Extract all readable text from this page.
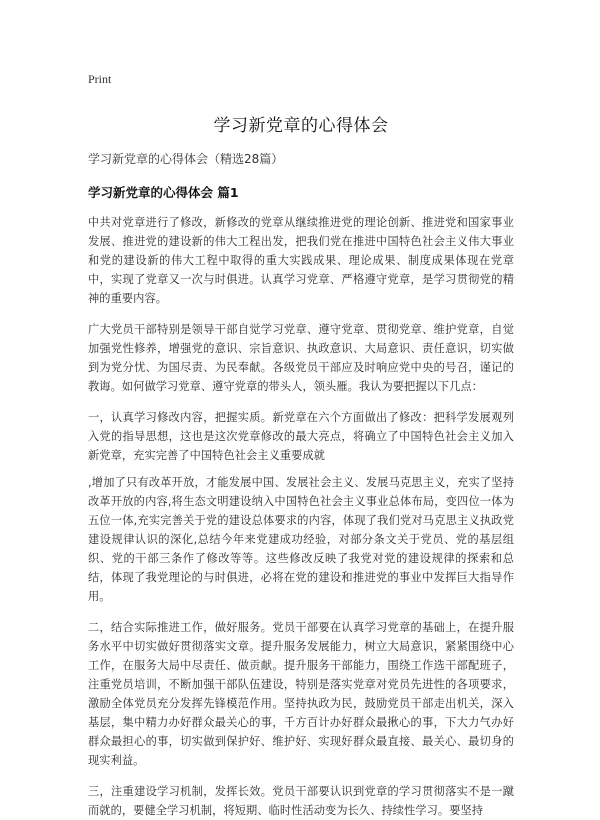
Print
学习新党章的心得体会
学习新党章的心得体会（精选28篇）
学习新党章的心得体会 篇1

中共对党章进行了修改，新修改的党章从继续推进党的理论创新、推进党和国家事业发展、推进党的建设新的伟大工程出发，把我们党在推进中国特色社会主义伟大事业和党的建设新的伟大工程中取得的重大实践成果、理论成果、制度成果体现在党章中，实现了党章又一次与时俱进。认真学习党章、严格遵守党章，是学习贯彻党的精神的重要内容。

广大党员干部特别是领导干部自觉学习党章、遵守党章、贯彻党章、维护党章，自觉加强党性修养，增强党的意识、宗旨意识、执政意识、大局意识、责任意识，切实做到为党分忧、为国尽责、为民奉献。各级党员干部应及时响应党中央的号召，谨记的教诲。如何做学习党章、遵守党章的带头人，领头雁。我认为要把握以下几点：

一，认真学习修改内容，把握实质。新党章在六个方面做出了修改：把科学发展观列入党的指导思想，这也是这次党章修改的最大亮点，将确立了中国特色社会主义加入新党章，充实完善了中国特色社会主义重要成就

,增加了只有改革开放，才能发展中国、发展社会主义、发展马克思主义，充实了坚持改革开放的内容,将生态文明建设纳入中国特色社会主义事业总体布局，变四位一体为五位一体,充实完善关于党的建设总体要求的内容，体现了我们党对马克思主义执政党建设规律认识的深化,总结今年来党建成功经验，对部分条文关于党员、党的基层组织、党的干部三条作了修改等等。这些修改反映了我党对党的建设规律的探索和总结，体现了我党理论的与时俱进，必将在党的建设和推进党的事业中发挥巨大指导作用。

二，结合实际推进工作，做好服务。党员干部要在认真学习党章的基础上，在提升服务水平中切实做好贯彻落实文章。提升服务发展能力，树立大局意识，紧紧围绕中心工作，在服务大局中尽责任、做贡献。提升服务干部能力，围绕工作选干部配班子，注重党员培训，不断加强干部队伍建设，特别是落实党章对党员先进性的各项要求，激励全体党员充分发挥先锋模范作用。坚持执政为民，鼓励党员干部走出机关，深入基层，集中精力办好群众最关心的事，千方百计办好群众最揪心的事，下大力气办好群众最担心的事，切实做到保护好、维护好、实现好群众最直接、最关心、最切身的现实利益。

三，注重建设学习机制，发挥长效。党员干部要认识到党章的学习贯彻落实不是一蹴而就的，要健全学习机制，将短期、临时性活动变为长久、持续性学习。要坚持
